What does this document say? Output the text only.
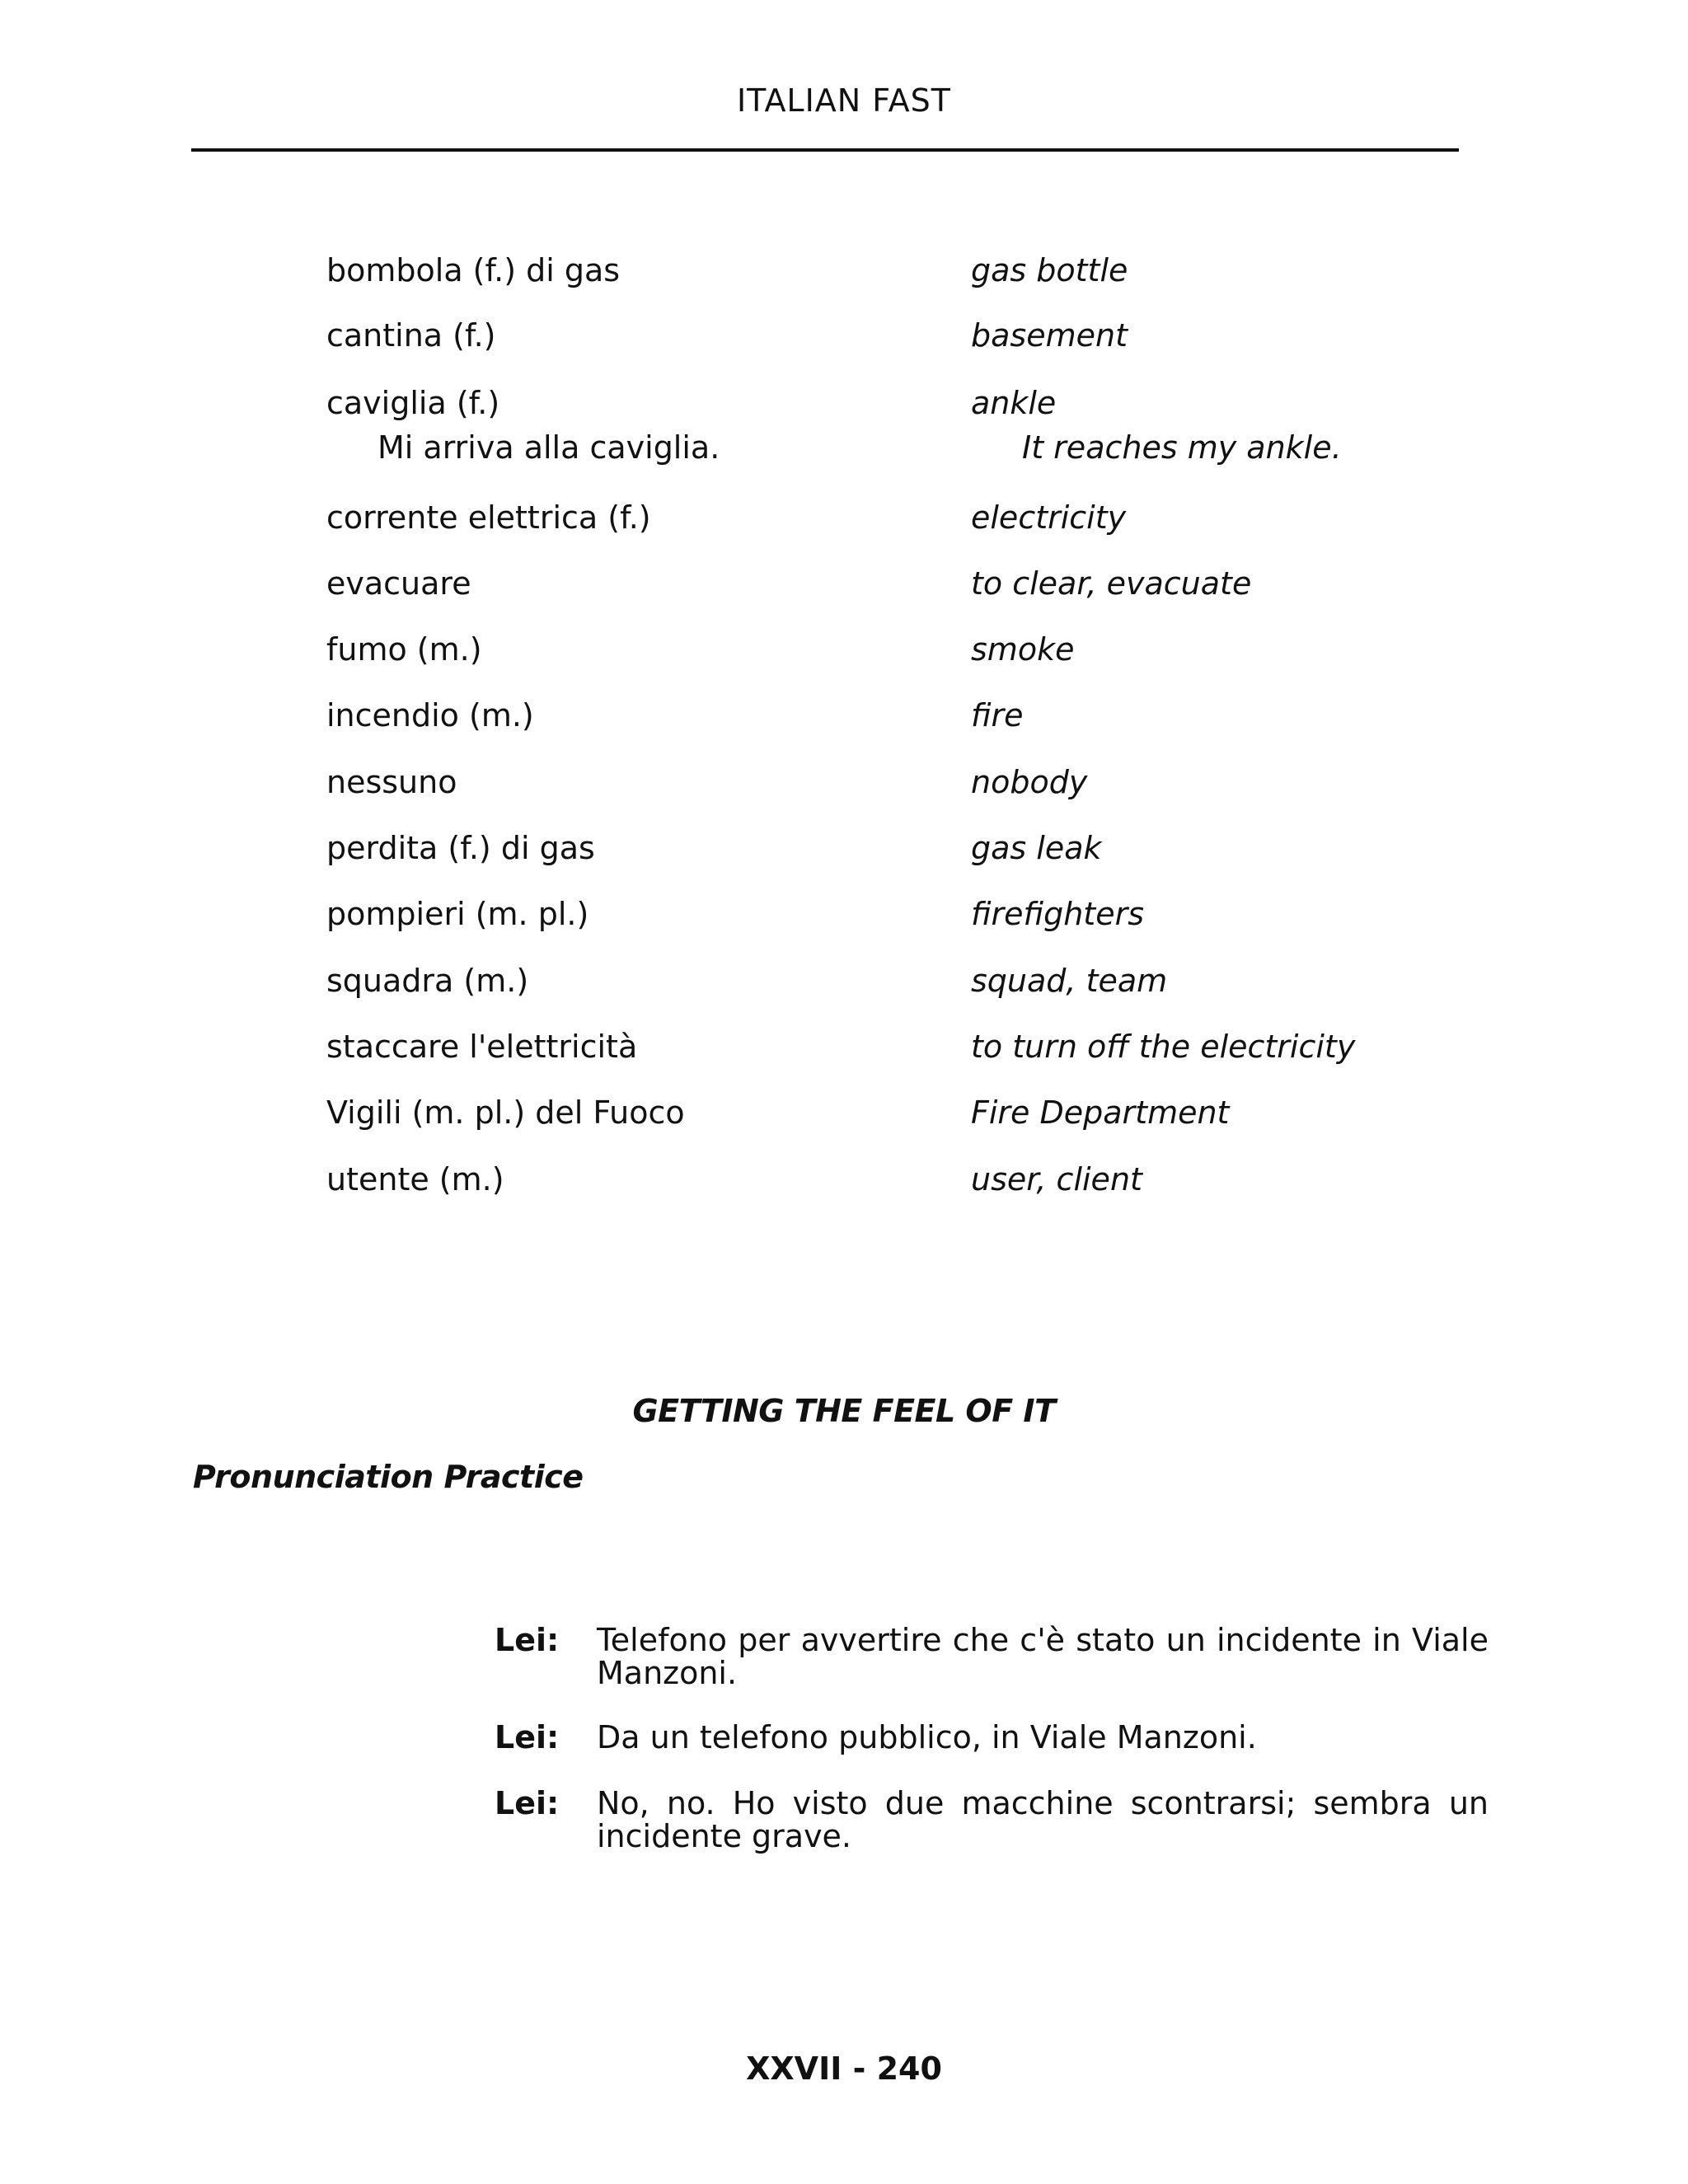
ITALIAN FAST
bombola (f.) di gas	gas bottle
cantina (f.)	basement
caviglia (f.)	ankle
Mi arriva alla caviglia.	It reaches my ankle.
corrente elettrica (f.)	electricity
evacuare	to clear, evacuate
fumo (m.)	smoke
incendio (m.)	fire
nessuno	nobody
perdita (f.) di gas	gas leak
pompieri (m. pl.)	firefighters
squadra (m.)	squad, team
staccare l'elettricità	to turn off the electricity
Vigili (m. pl.) del Fuoco	Fire Department
utente (m.)	user, client
GETTING THE FEEL OF IT
Pronunciation Practice
Lei: Telefono per avvertire che c'è stato un incidente in Viale Manzoni.
Lei: Da un telefono pubblico, in Viale Manzoni.
Lei: No, no. Ho visto due macchine scontrarsi; sembra un incidente grave.
XXVII - 240
